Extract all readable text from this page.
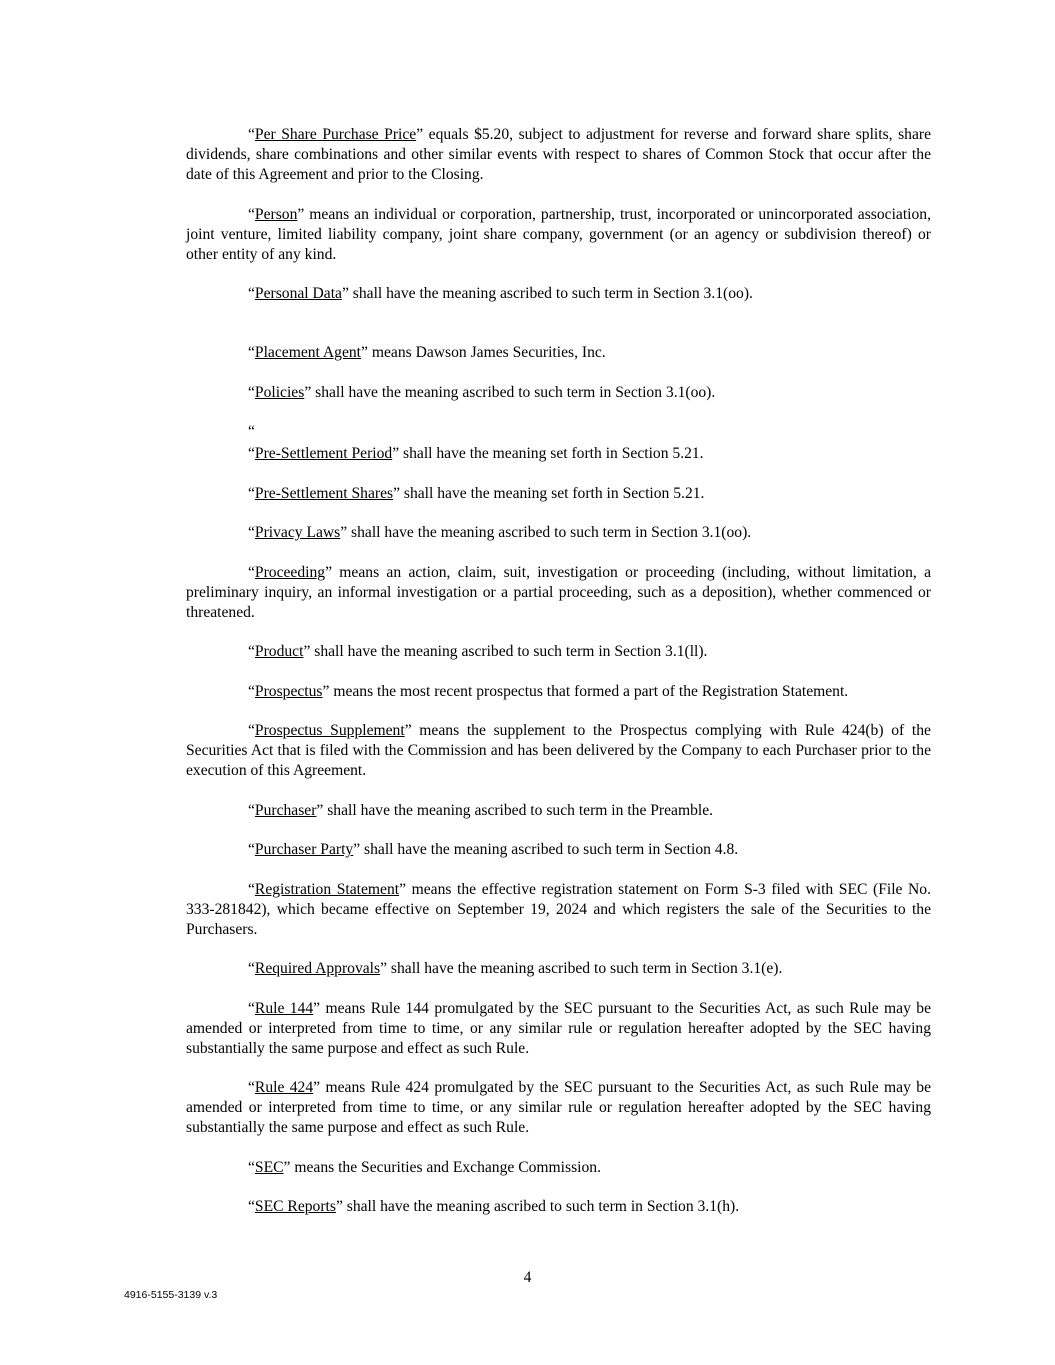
“Per Share Purchase Price” equals $5.20, subject to adjustment for reverse and forward share splits, share dividends, share combinations and other similar events with respect to shares of Common Stock that occur after the date of this Agreement and prior to the Closing.

“Person” means an individual or corporation, partnership, trust, incorporated or unincorporated association, joint venture, limited liability company, joint share company, government (or an agency or subdivision thereof) or other entity of any kind.

“Personal Data” shall have the meaning ascribed to such term in Section 3.1(oo).

“Placement Agent” means Dawson James Securities, Inc.

“Policies” shall have the meaning ascribed to such term in Section 3.1(oo).

“

“Pre-Settlement Period” shall have the meaning set forth in Section 5.21.

“Pre-Settlement Shares” shall have the meaning set forth in Section 5.21.

“Privacy Laws” shall have the meaning ascribed to such term in Section 3.1(oo).

“Proceeding” means an action, claim, suit, investigation or proceeding (including, without limitation, a preliminary inquiry, an informal investigation or a partial proceeding, such as a deposition), whether commenced or threatened.

“Product” shall have the meaning ascribed to such term in Section 3.1(ll).

“Prospectus” means the most recent prospectus that formed a part of the Registration Statement.

“Prospectus Supplement” means the supplement to the Prospectus complying with Rule 424(b) of the Securities Act that is filed with the Commission and has been delivered by the Company to each Purchaser prior to the execution of this Agreement.

“Purchaser” shall have the meaning ascribed to such term in the Preamble.

“Purchaser Party” shall have the meaning ascribed to such term in Section 4.8.

“Registration Statement” means the effective registration statement on Form S-3 filed with SEC (File No. 333-281842), which became effective on September 19, 2024 and which registers the sale of the Securities to the Purchasers.

“Required Approvals” shall have the meaning ascribed to such term in Section 3.1(e).

“Rule 144” means Rule 144 promulgated by the SEC pursuant to the Securities Act, as such Rule may be amended or interpreted from time to time, or any similar rule or regulation hereafter adopted by the SEC having substantially the same purpose and effect as such Rule.

“Rule 424” means Rule 424 promulgated by the SEC pursuant to the Securities Act, as such Rule may be amended or interpreted from time to time, or any similar rule or regulation hereafter adopted by the SEC having substantially the same purpose and effect as such Rule.

“SEC” means the Securities and Exchange Commission.

“SEC Reports” shall have the meaning ascribed to such term in Section 3.1(h).

4
4916-5155-3139 v.3
